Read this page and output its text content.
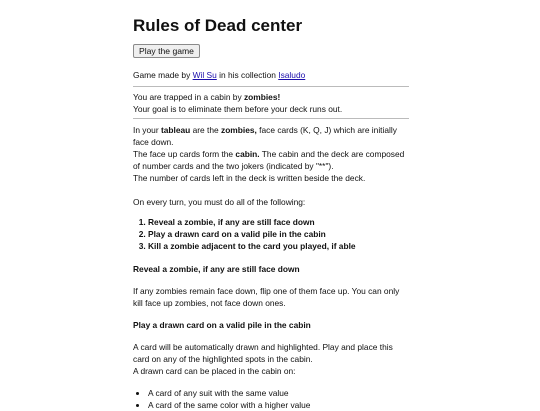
Rules of Dead center
Play the game
Game made by Wil Su in his collection Isaludo

You are trapped in a cabin by zombies!

Your goal is to eliminate them before your deck runs out.

In your tableau are the zombies, face cards (K, Q, J) which are initially face down.

The face up cards form the cabin. The cabin and the deck are composed of number cards and the two jokers (indicated by "**").

The number of cards left in the deck is written beside the deck.

On every turn, you must do all of the following:
1. Reveal a zombie, if any are still face down
2. Play a drawn card on a valid pile in the cabin
3. Kill a zombie adjacent to the card you played, if able
Reveal a zombie, if any are still face down
If any zombies remain face down, flip one of them face up. You can only kill face up zombies, not face down ones.
Play a drawn card on a valid pile in the cabin

A card will be automatically drawn and highlighted. Play and place this card on any of the highlighted spots in the cabin.

A drawn card can be placed in the cabin on:

• A card of any suit with the same value
• A card of the same color with a higher value
